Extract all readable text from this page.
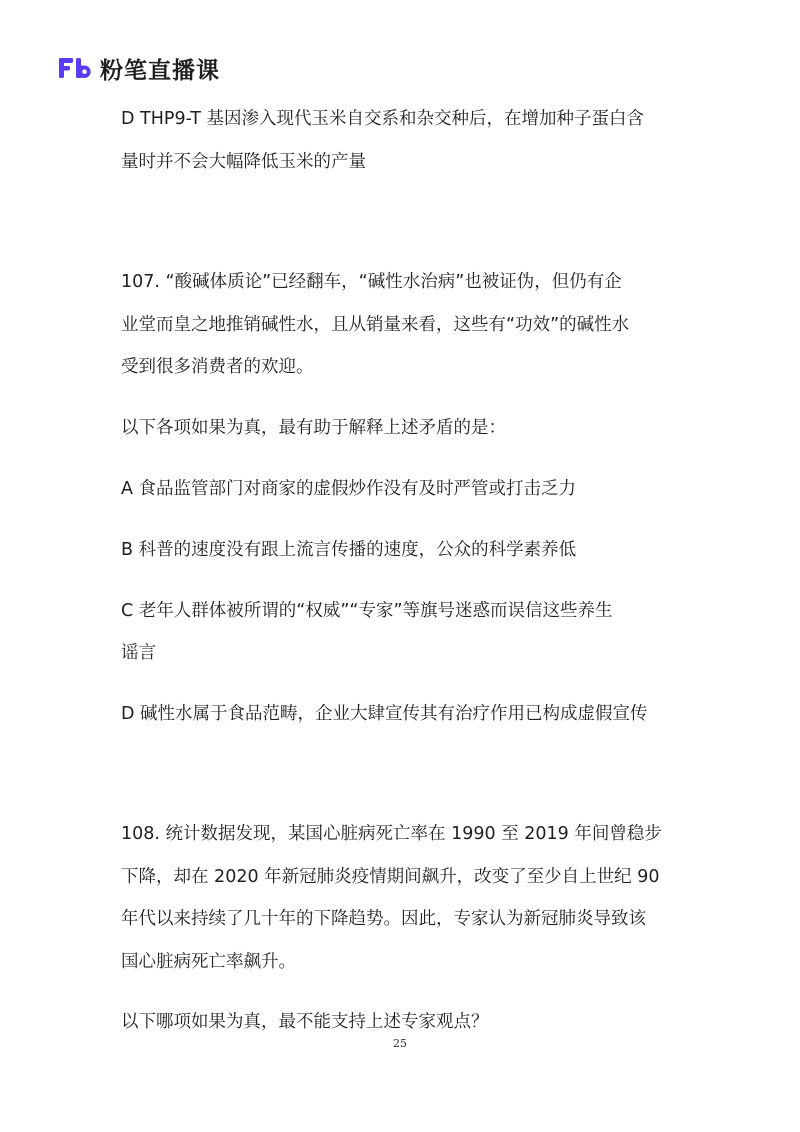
粉笔直播课
D THP9-T 基因渗入现代玉米自交系和杂交种后，在增加种子蛋白含
量时并不会大幅降低玉米的产量
107. “酸碱体质论”已经翻车，“碱性水治病”也被证伪，但仍有企
业堂而皇之地推销碱性水，且从销量来看，这些有“功效”的碱性水
受到很多消费者的欢迎。
以下各项如果为真，最有助于解释上述矛盾的是：
A 食品监管部门对商家的虚假炒作没有及时严管或打击乏力
B 科普的速度没有跟上流言传播的速度，公众的科学素养低
C 老年人群体被所谓的“权威”“专家”等旗号迷惑而误信这些养生
谣言
D 碱性水属于食品范畴，企业大肆宣传其有治疗作用已构成虚假宣传
108. 统计数据发现，某国心脏病死亡率在 1990 至 2019 年间曾稳步
下降，却在 2020 年新冠肺炎疫情期间飙升，改变了至少自上世纪 90
年代以来持续了几十年的下降趋势。因此，专家认为新冠肺炎导致该
国心脏病死亡率飙升。
以下哪项如果为真，最不能支持上述专家观点？
25
